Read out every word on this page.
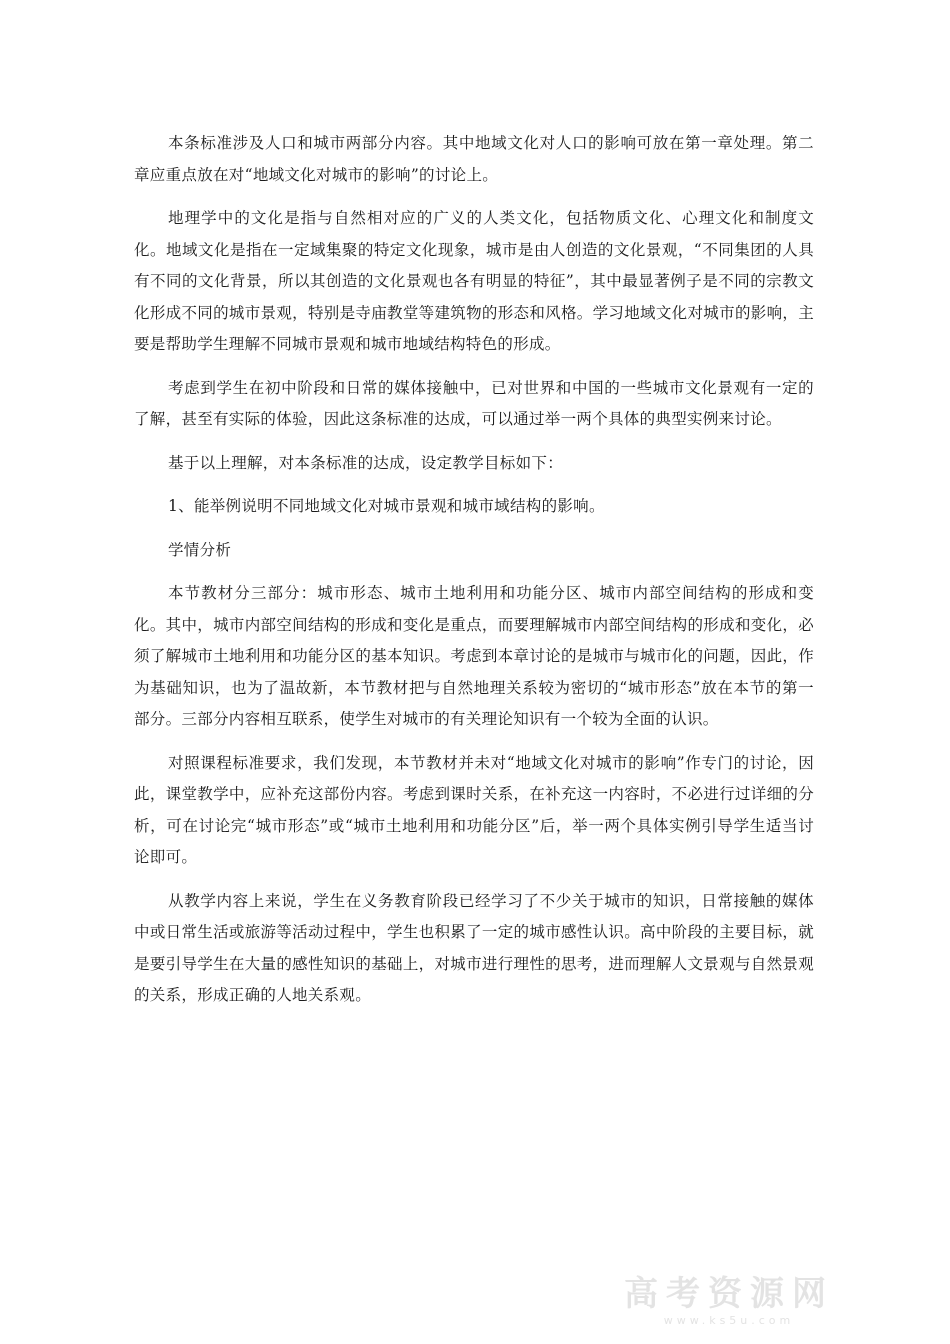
本条标准涉及人口和城市两部分内容。其中地域文化对人口的影响可放在第一章处理。第二章应重点放在对“地域文化对城市的影响”的讨论上。

地理学中的文化是指与自然相对应的广义的人类文化，包括物质文化、心理文化和制度文化。地域文化是指在一定域集聚的特定文化现象，城市是由人创造的文化景观，“不同集团的人具有不同的文化背景，所以其创造的文化景观也各有明显的特征”，其中最显著例子是不同的宗教文化形成不同的城市景观，特别是寺庙教堂等建筑物的形态和风格。学习地域文化对城市的影响，主要是帮助学生理解不同城市景观和城市地域结构特色的形成。

考虑到学生在初中阶段和日常的媒体接触中，已对世界和中国的一些城市文化景观有一定的了解，甚至有实际的体验，因此这条标准的达成，可以通过举一两个具体的典型实例来讨论。

基于以上理解，对本条标准的达成，设定教学目标如下：

1、能举例说明不同地域文化对城市景观和城市域结构的影响。

学情分析

本节教材分三部分：城市形态、城市土地利用和功能分区、城市内部空间结构的形成和变化。其中，城市内部空间结构的形成和变化是重点，而要理解城市内部空间结构的形成和变化，必须了解城市土地利用和功能分区的基本知识。考虑到本章讨论的是城市与城市化的问题，因此，作为基础知识，也为了温故新，本节教材把与自然地理关系较为密切的“城市形态”放在本节的第一部分。三部分内容相互联系，使学生对城市的有关理论知识有一个较为全面的认识。

对照课程标准要求，我们发现，本节教材并未对“地域文化对城市的影响”作专门的讨论，因此，课堂教学中，应补充这部份内容。考虑到课时关系，在补充这一内容时，不必进行过详细的分析，可在讨论完“城市形态”或“城市土地利用和功能分区”后，举一两个具体实例引导学生适当讨论即可。

从教学内容上来说，学生在义务教育阶段已经学习了不少关于城市的知识，日常接触的媒体中或日常生活或旅游等活动过程中，学生也积累了一定的城市感性认识。高中阶段的主要目标，就是要引导学生在大量的感性知识的基础上，对城市进行理性的思考，进而理解人文景观与自然景观的关系，形成正确的人地关系观。

高考资源网
www.ks5u.com
